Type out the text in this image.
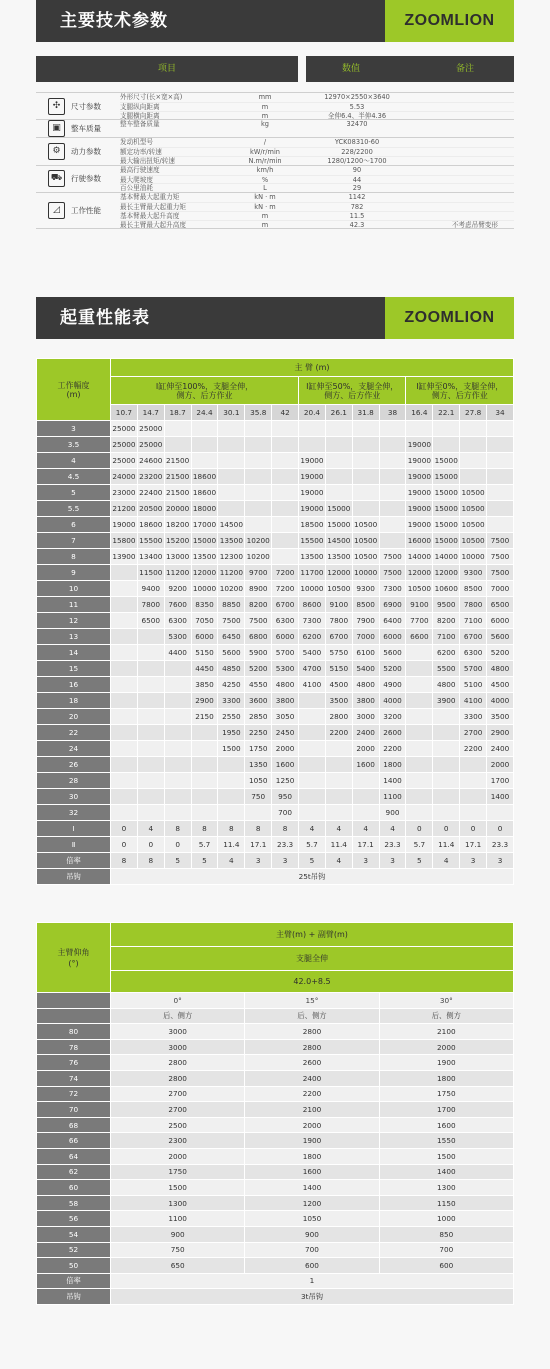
主要技术参数	ZOOMLION
项目	数值	备注
✣	尺寸参数
外形尺寸(长×宽×高)	mm	12970×2550×3640
支腿纵向距离	m	5.53
支腿横向距离	m	全伸6.4、半伸4.36
▣	整车质量	整车整备质量	kg	32470
⚙	动力参数
发动机型号	/	YCK08310-60
额定功率/转速	kW/r/min	228/2200
最大输出扭矩/转速	N.m/r/min	1280/1200～1700
⛟	行驶参数
最高行驶速度	km/h	90
最大爬坡度	%	44
百公里油耗	L	29
◿	工作性能
基本臂最大起重力矩	kN · m	1142
最长主臂最大起重力矩	kN · m	782
基本臂最大起升高度	m	11.5
最长主臂最大起升高度	m	42.3	不考虑吊臂变形
起重性能表	ZOOMLION
工作幅度
(m)	主 臂 (m)														
	Ⅰ缸伸至100%，支腿全伸，
侧方、后方作业							Ⅰ缸伸至50%，支腿全伸，
侧方、后方作业				Ⅰ缸伸至0%，支腿全伸，
侧方、后方作业			
	10.7	14.7	18.7	24.4	30.1	35.8	42	20.4	26.1	31.8	38	16.4	22.1	27.8	34
3	25000	25000													
3.5	25000	25000										19000			
4	25000	24600	21500					19000				19000	15000		
4.5	24000	23200	21500	18600				19000				19000	15000		
5	23000	22400	21500	18600				19000				19000	15000	10500	
5.5	21200	20500	20000	18000				19000	15000			19000	15000	10500	
6	19000	18600	18200	17000	14500			18500	15000	10500		19000	15000	10500	
7	15800	15500	15200	15000	13500	10200		15500	14500	10500		16000	15000	10500	7500
8	13900	13400	13000	13500	12300	10200		13500	13500	10500	7500	14000	14000	10000	7500
9		11500	11200	12000	11200	9700	7200	11700	12000	10000	7500	12000	12000	9300	7500
10		9400	9200	10000	10200	8900	7200	10000	10500	9300	7300	10500	10600	8500	7000
11		7800	7600	8350	8850	8200	6700	8600	9100	8500	6900	9100	9500	7800	6500
12		6500	6300	7050	7500	7500	6300	7300	7800	7900	6400	7700	8200	7100	6000
13			5300	6000	6450	6800	6000	6200	6700	7000	6000	6600	7100	6700	5600
14			4400	5150	5600	5900	5700	5400	5750	6100	5600		6200	6300	5200
15				4450	4850	5200	5300	4700	5150	5400	5200		5500	5700	4800
16				3850	4250	4550	4800	4100	4500	4800	4900		4800	5100	4500
18				2900	3300	3600	3800		3500	3800	4000		3900	4100	4000
20				2150	2550	2850	3050		2800	3000	3200			3300	3500
22					1950	2250	2450		2200	2400	2600			2700	2900
24					1500	1750	2000			2000	2200			2200	2400
26						1350	1600			1600	1800				2000
28						1050	1250				1400				1700
30						750	950				1100				1400
32							700				900				
Ⅰ	0	4	8	8	8	8	8	4	4	4	4	0	0	0	0
Ⅱ	0	0	0	5.7	11.4	17.1	23.3	5.7	11.4	17.1	23.3	5.7	11.4	17.1	23.3
倍率	8	8	5	5	4	3	3	5	4	3	3	5	4	3	3
吊钩	25t吊钩														
主臂仰角
(°)	主臂(m) + 副臂(m)		
	支腿全伸		
	42.0+8.5		
	0°	15°	30°
	后、侧方	后、侧方	后、侧方
80	3000	2800	2100
78	3000	2800	2000
76	2800	2600	1900
74	2800	2400	1800
72	2700	2200	1750
70	2700	2100	1700
68	2500	2000	1600
66	2300	1900	1550
64	2000	1800	1500
62	1750	1600	1400
60	1500	1400	1300
58	1300	1200	1150
56	1100	1050	1000
54	900	900	850
52	750	700	700
50	650	600	600
倍率	1		
吊钩	3t吊钩		
